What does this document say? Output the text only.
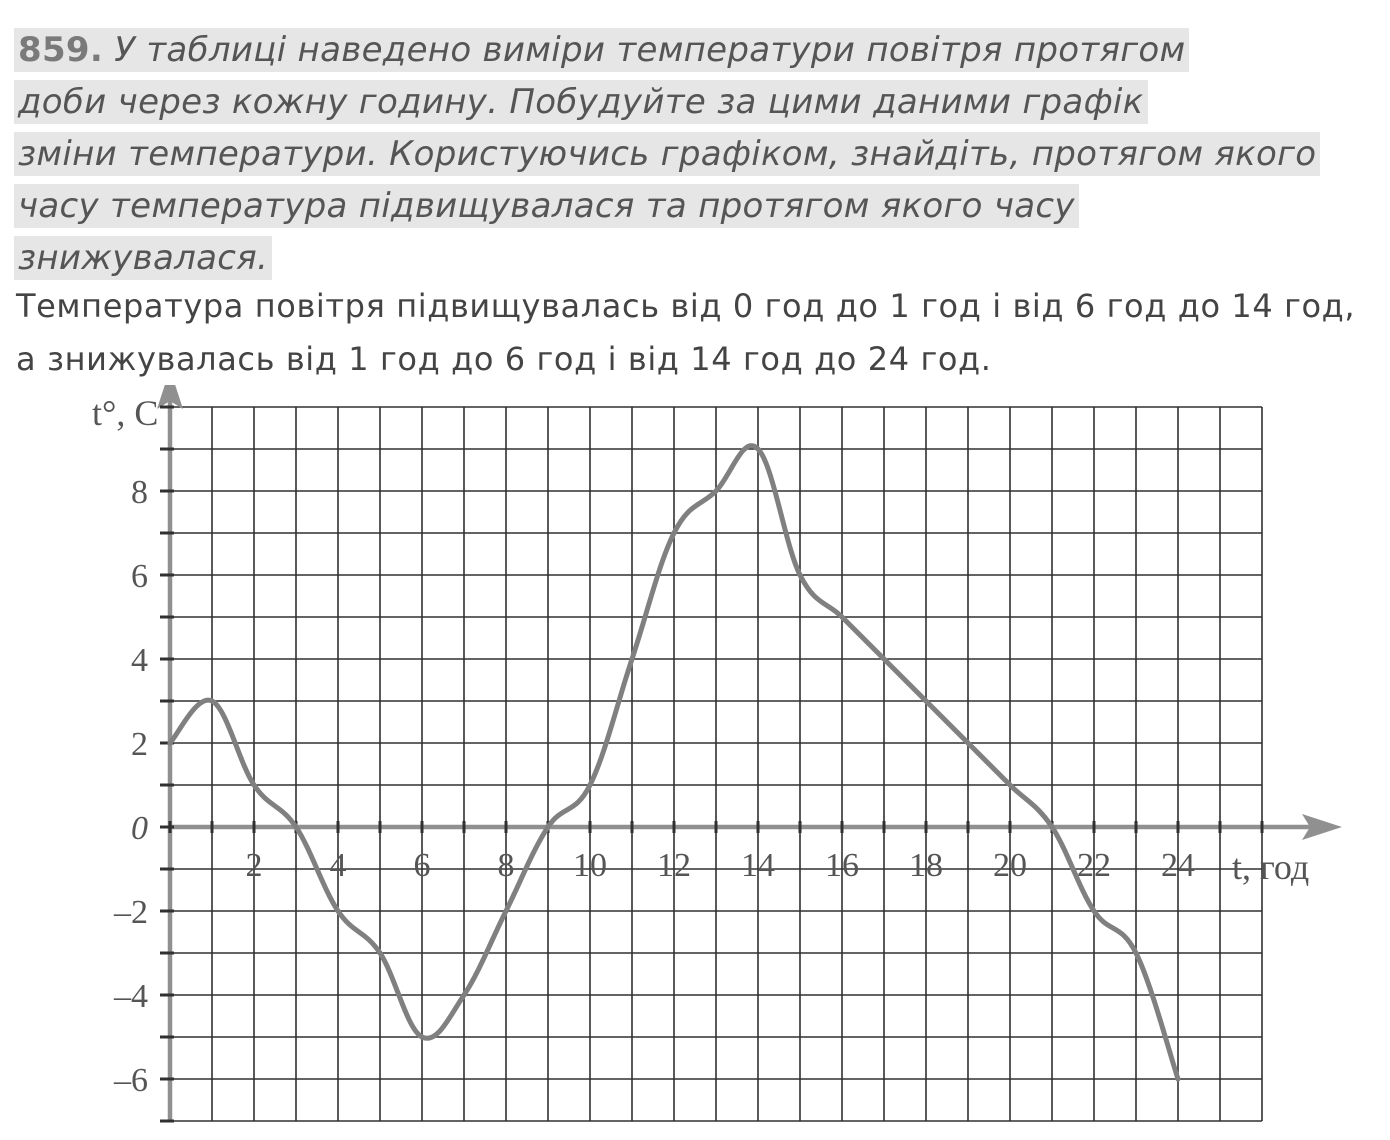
859. У таблиці наведено виміри температури повітря протягом
доби через кожну годину. Побудуйте за цими даними графік
зміни температури. Користуючись графіком, знайдіть, протягом якого
часу температура підвищувалася та протягом якого часу
знижувалася.

Температура повітря підвищувалась від 0 год до 1 год і від 6 год до 14 год, а знижувалась від 1 год до 6 год і від 14 год до 24 год.

2 4 6 8 10 12 14 16 18 20 22 24
8
6
4
2
–2
–4
–6
0
t, год
t°, C
